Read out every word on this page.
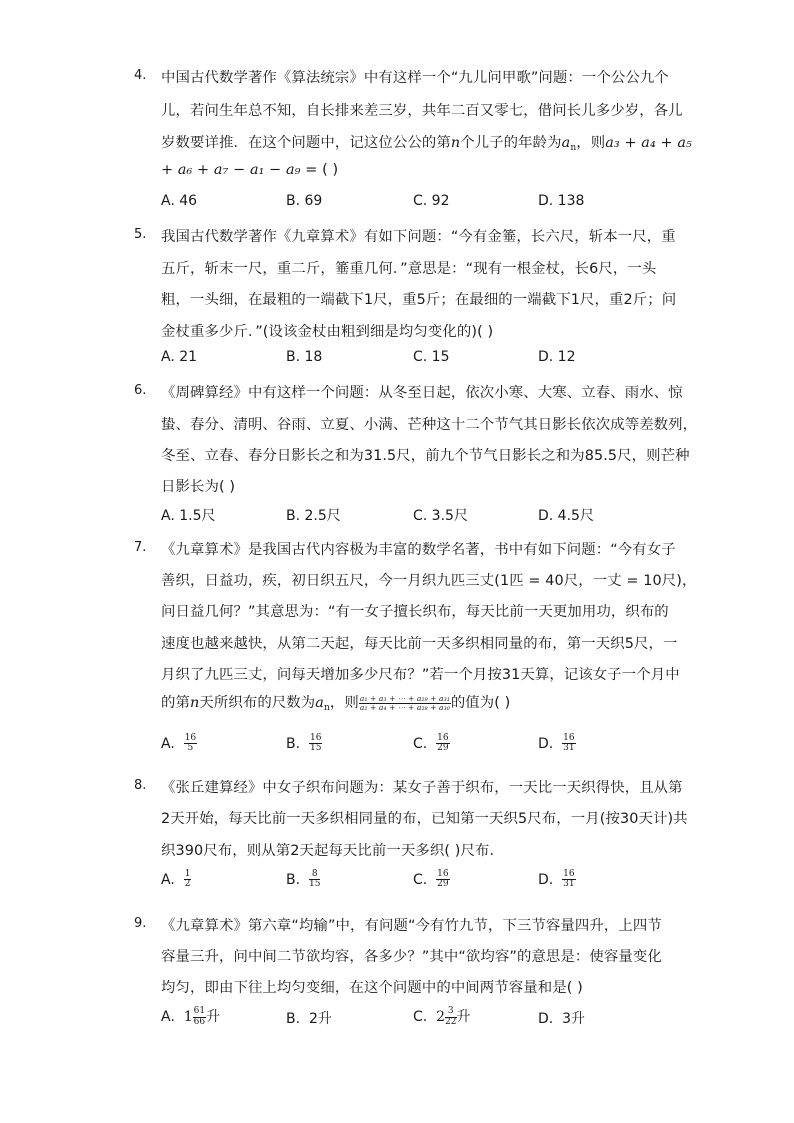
4. 中国古代数学著作《算法统宗》中有这样一个“九儿问甲歌”问题：一个公公九个
儿，若问生年总不知，自长排来差三岁，共年二百又零七，借问长儿多少岁，各儿
岁数要详推．在这个问题中，记这位公公的第n个儿子的年龄为$a_n$，则a₃ + a₄ + a₅
+ a₆ + a₇ − a₁ − a₉ = ( )
A. 46	B. 69	C. 92	D. 138
5. 我国古代数学著作《九章算术》有如下问题：“今有金箠，长六尺，斩本一尺，重
五斤，斩末一尺，重二斤，箠重几何．”意思是：“现有一根金杖，长6尺，一头
粗，一头细，在最粗的一端截下1尺，重5斤；在最细的一端截下1尺，重2斤；问
金杖重多少斤．”(设该金杖由粗到细是均匀变化的)( )
A. 21	B. 18	C. 15	D. 12
6. 《周碑算经》中有这样一个问题：从冬至日起，依次小寒、大寒、立春、雨水、惊
蛰、春分、清明、谷雨、立夏、小满、芒种这十二个节气其日影长依次成等差数列，
冬至、立春、春分日影长之和为31.5尺，前九个节气日影长之和为85.5尺，则芒种
日影长为( )
A. 1.5尺	B. 2.5尺	C. 3.5尺	D. 4.5尺
7. 《九章算术》是我国古代内容极为丰富的数学名著，书中有如下问题：“今有女子
善织，日益功，疾，初日织五尺，今一月织九匹三丈(1匹 = 40尺，一丈 = 10尺)，
问日益几何？”其意思为：“有一女子擅长织布，每天比前一天更加用功，织布的
速度也越来越快，从第二天起，每天比前一天多织相同量的布，第一天织5尺，一
月织了九匹三丈，问每天增加多少尺布？”若一个月按31天算，记该女子一个月中
的第n天所织布的尺数为$a_n$，则 $\frac{\text{a₁ + a₃ + ⋯ + a₂₉ + a₃₁}}{\text{a₂ + a₄ + ⋯ + a₂₈ + a₃₀}}$ 的值为( )
A. $\frac{16}{5}$	B. $\frac{16}{15}$	C. $\frac{16}{29}$	D. $\frac{16}{31}$
8. 《张丘建算经》中女子织布问题为：某女子善于织布，一天比一天织得快，且从第
2天开始，每天比前一天多织相同量的布，已知第一天织5尺布，一月(按30天计)共
织390尺布，则从第2天起每天比前一天多织( )尺布．
A. $\frac{1}{2}$	B. $\frac{8}{15}$	C. $\frac{16}{29}$	D. $\frac{16}{31}$
9. 《九章算术》第六章“均输”中，有问题“今有竹九节，下三节容量四升，上四节
容量三升，问中间二节欲均容，各多少？”其中“欲均容”的意思是：使容量变化
均匀，即由下往上均匀变细，在这个问题中的中间两节容量和是( )
A. $1 \frac{61}{66}$ 升	B. 2升	C. $2 \frac{3}{22}$ 升	D. 3升
